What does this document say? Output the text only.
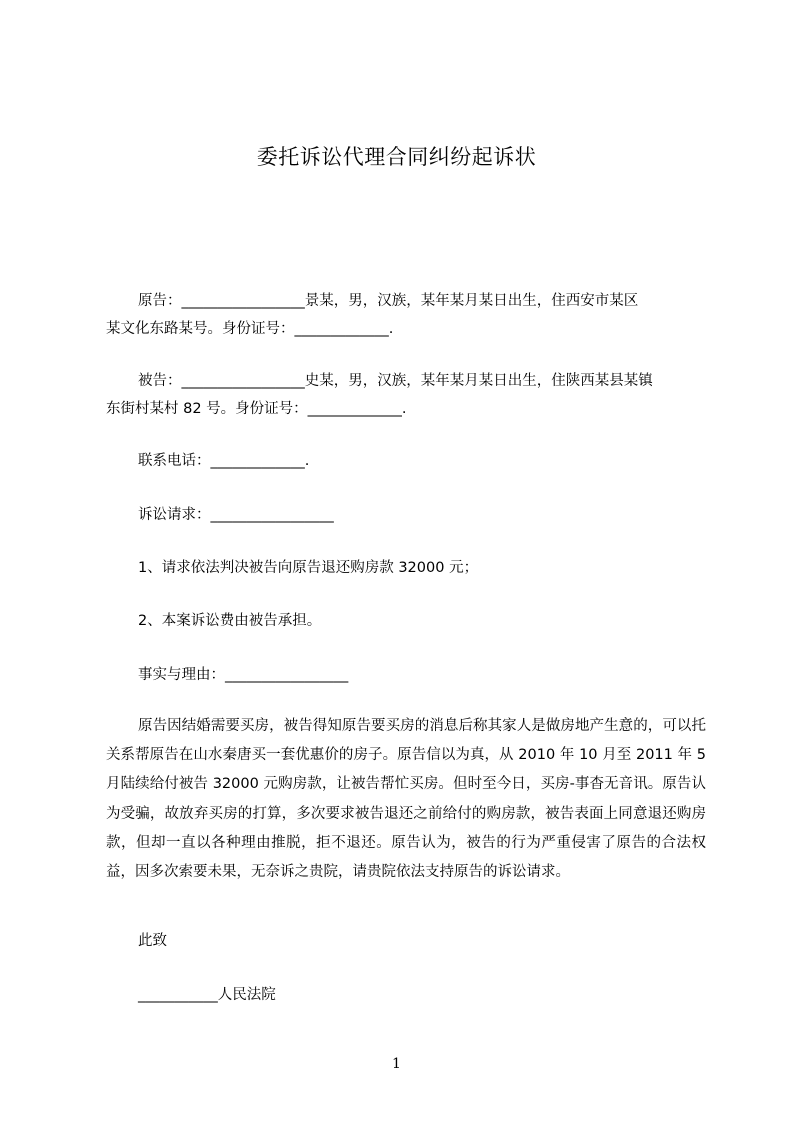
委托诉讼代理合同纠纷起诉状
原告：_________________景某，男，汉族，某年某月某日出生，住西安市某区
某文化东路某号。身份证号：_____________.
被告：_________________史某，男，汉族，某年某月某日出生，住陕西某县某镇
东街村某村 82 号。身份证号：_____________.
联系电话：_____________.
诉讼请求：_________________
1、请求依法判决被告向原告退还购房款 32000 元；
2、本案诉讼费由被告承担。
事实与理由：_________________
原告因结婚需要买房，被告得知原告要买房的消息后称其家人是做房地产生意的，可以托关系帮原告在山水秦唐买一套优惠价的房子。原告信以为真，从 2010 年 10 月至 2011 年 5 月陆续给付被告 32000 元购房款，让被告帮忙买房。但时至今日，买房-事杳无音讯。原告认为受骗，故放弃买房的打算，多次要求被告退还之前给付的购房款，被告表面上同意退还购房款，但却一直以各种理由推脱，拒不退还。原告认为，被告的行为严重侵害了原告的合法权益，因多次索要未果，无奈诉之贵院，请贵院依法支持原告的诉讼请求。
此致
___________人民法院
1
